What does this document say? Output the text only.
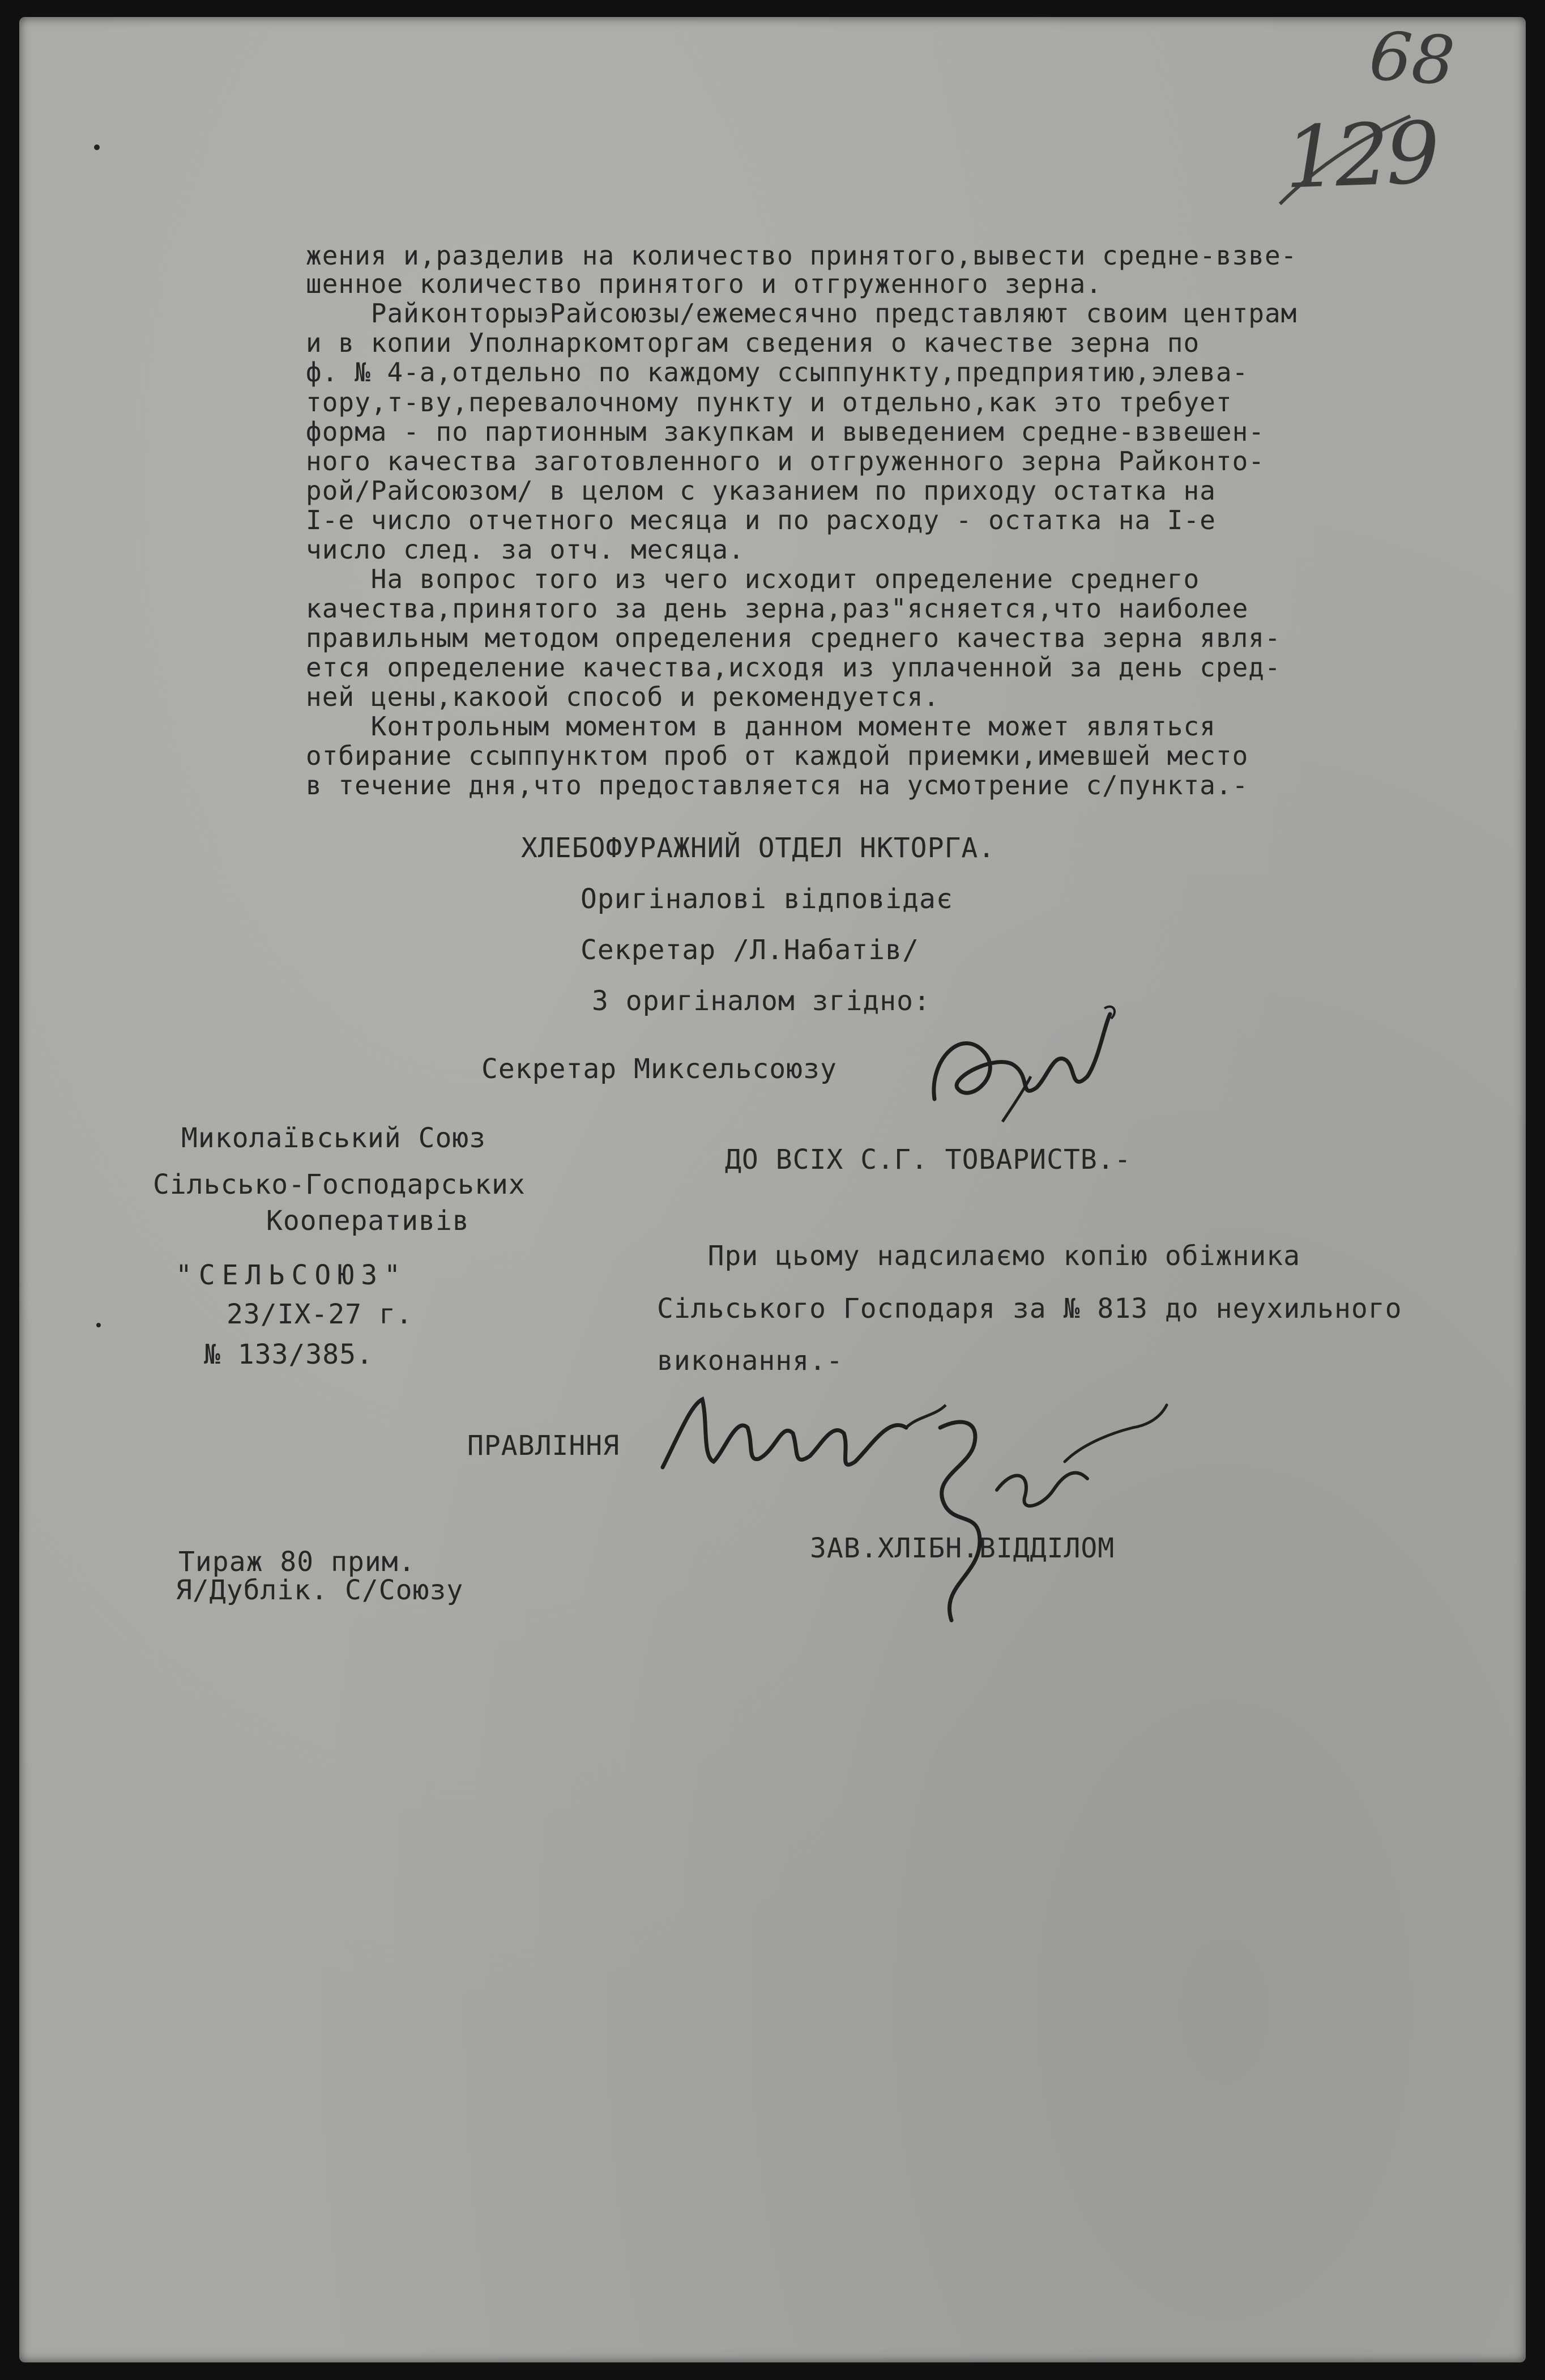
68
129
жения и,разделив на количество принятого,вывести средне-взве-
шенное количество принятого и отгруженного зерна.
РайконторыэРайсоюзы/ежемесячно представляют своим центрам
и в копии Уполнаркомторгам сведения о качестве зерна по
ф. № 4-а,отдельно по каждому ссыппункту,предприятию,элева-
тору,т-ву,перевалочному пункту и отдельно,как это требует
форма - по партионным закупкам и выведением средне-взвешен-
ного качества заготовленного и отгруженного зерна Райконто-
рой/Райсоюзом/ в целом с указанием по приходу остатка на
I-е число отчетного месяца и по расходу - остатка на I-е
число след. за отч. месяца.
На вопрос того из чего исходит определение среднего
качества,принятого за день зерна,раз"ясняется,что наиболее
правильным методом определения среднего качества зерна явля-
ется определение качества,исходя из уплаченной за день сред-
ней цены,какоой способ и рекомендуется.
Контрольным моментом в данном моменте может являться
отбирание ссыппунктом проб от каждой приемки,имевшей место
в течение дня,что предоставляется на усмотрение с/пункта.-
ХЛЕБОФУРАЖНИЙ ОТДЕЛ НКТОРГА.
Оригіналові відповідає
Секретар /Л.Набатів/
З оригіналом згідно:
Секретар Миксельсоюзу
Миколаївський Союз
Сільсько-Господарських
Кооперативів
"СЕЛЬСОЮЗ"
23/IX-27 г.
№ 133/385.
ДО ВСІХ С.Г. ТОВАРИСТВ.-
При цьому надсилаємо копію обіжника
Сільського Господаря за № 813 до неухильного
виконання.-
ПРАВЛІННЯ
ЗАВ.ХЛІБН.ВІДДІЛОМ
Тираж 80 прим.
Я/Дублік. С/Союзу
